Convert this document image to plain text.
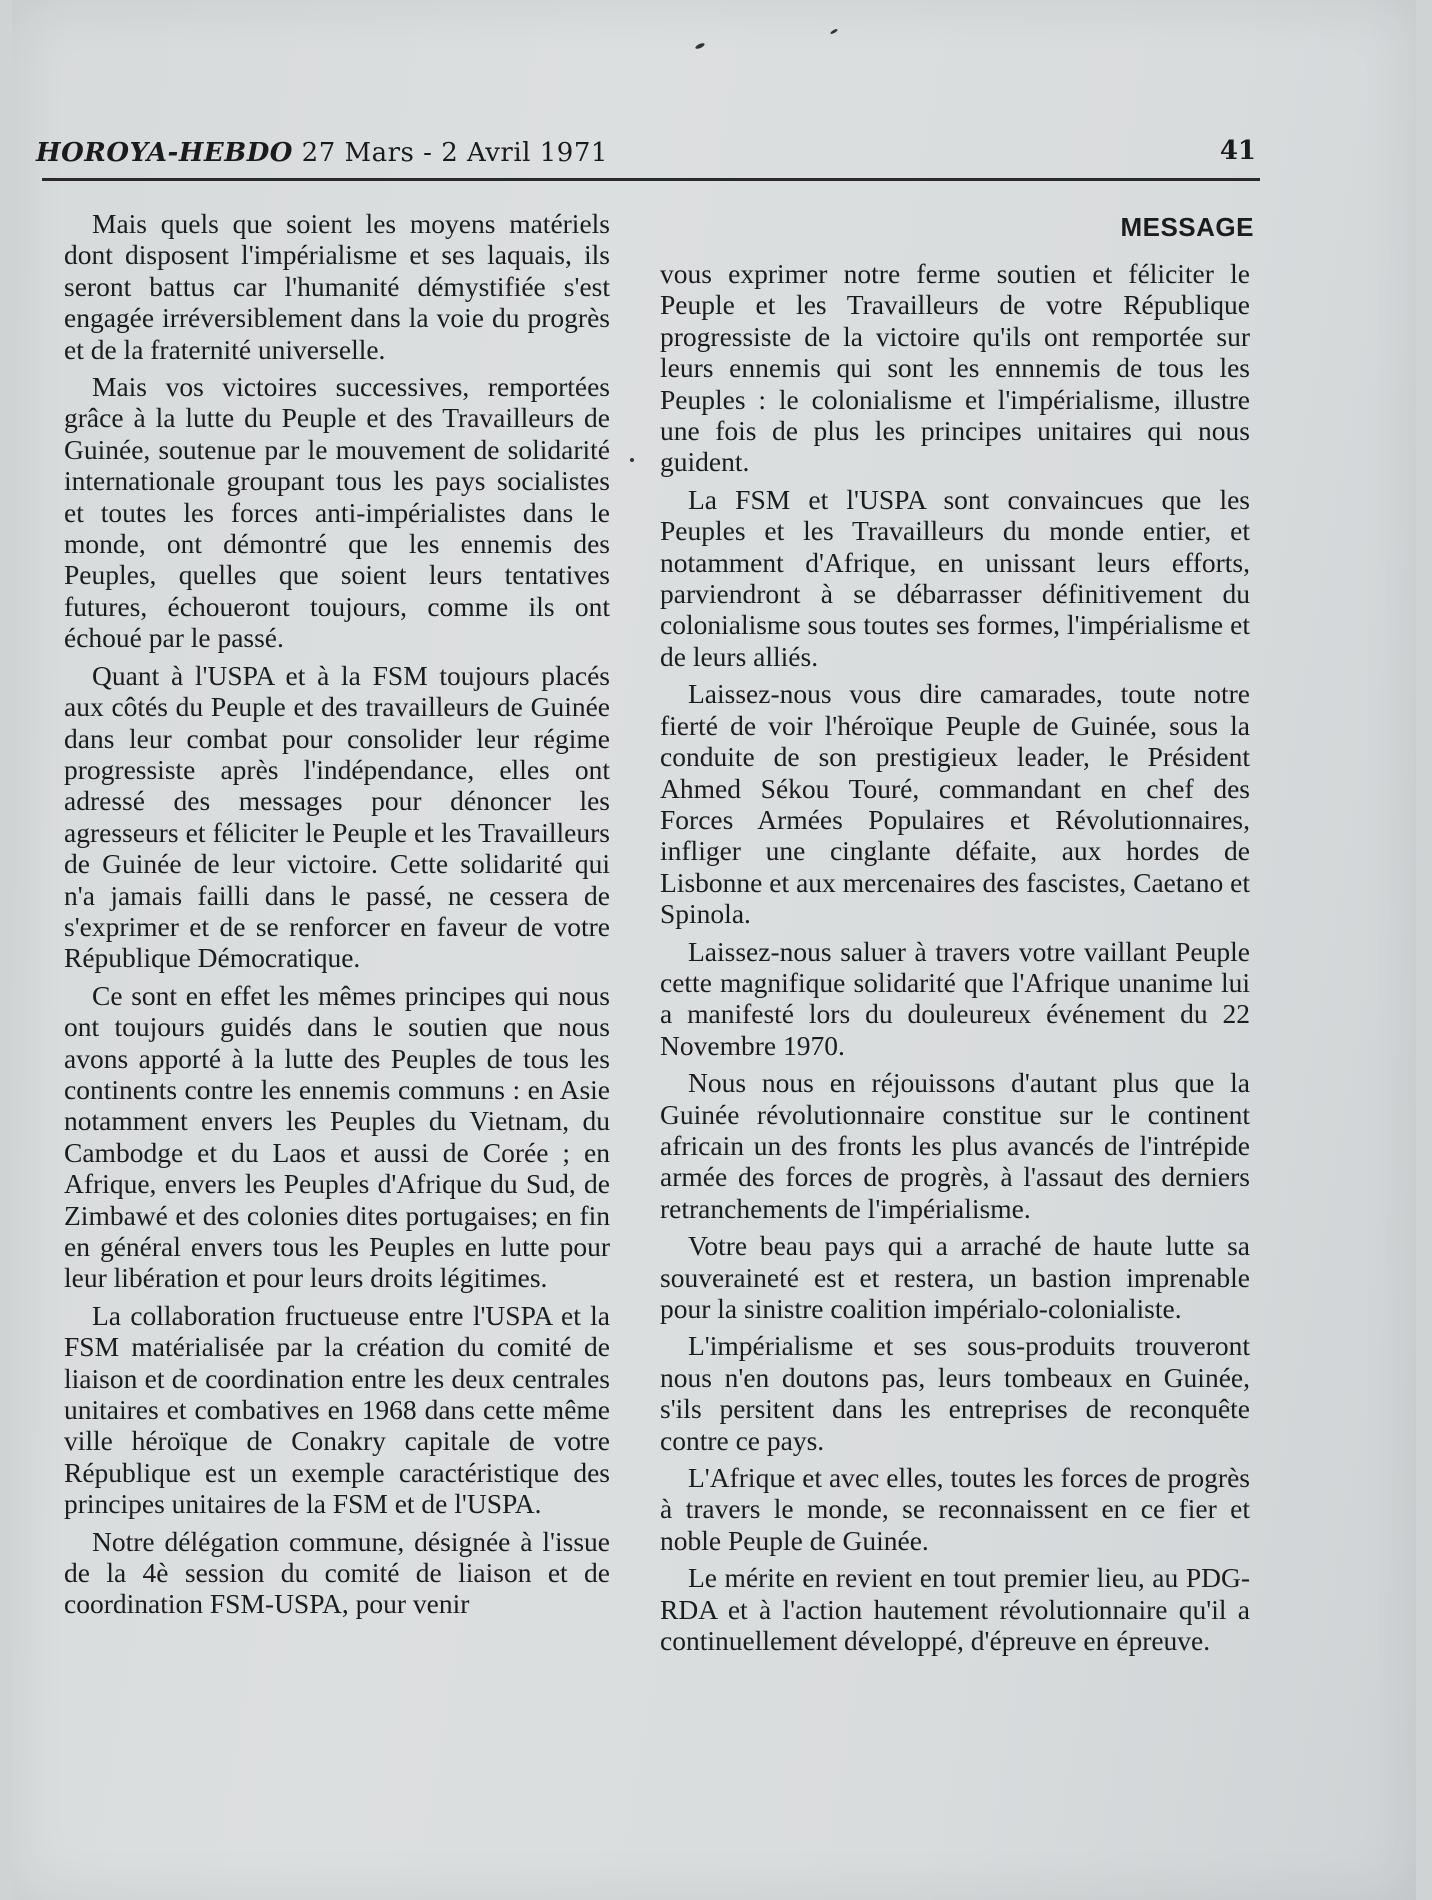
HOROYA-HEBDO 27 Mars - 2 Avril 1971	41
MESSAGE

Mais quels que soient les moyens matériels dont disposent l'impérialisme et ses laquais, ils seront battus car l'humanité démystifiée s'est engagée irréversiblement dans la voie du progrès et de la fraternité universelle.

Mais vos victoires successives, remportées grâce à la lutte du Peuple et des Travailleurs de Guinée, soutenue par le mouvement de solidarité internationale groupant tous les pays socialistes et toutes les forces anti-impérialistes dans le monde, ont démontré que les ennemis des Peuples, quelles que soient leurs tentatives futures, échoueront toujours, comme ils ont échoué par le passé.

Quant à l'USPA et à la FSM toujours placés aux côtés du Peuple et des travailleurs de Guinée dans leur combat pour consolider leur régime progressiste après l'indépendance, elles ont adressé des messages pour dénoncer les agresseurs et féliciter le Peuple et les Travailleurs de Guinée de leur victoire. Cette solidarité qui n'a jamais failli dans le passé, ne cessera de s'exprimer et de se renforcer en faveur de votre République Démocratique.

Ce sont en effet les mêmes principes qui nous ont toujours guidés dans le soutien que nous avons apporté à la lutte des Peuples de tous les continents contre les ennemis communs : en Asie notamment envers les Peuples du Vietnam, du Cambodge et du Laos et aussi de Corée ; en Afrique, envers les Peuples d'Afrique du Sud, de Zimbawé et des colonies dites portugaises; en fin en général envers tous les Peuples en lutte pour leur libération et pour leurs droits légitimes.

La collaboration fructueuse entre l'USPA et la FSM matérialisée par la création du comité de liaison et de coordination entre les deux centrales unitaires et combatives en 1968 dans cette même ville héroïque de Conakry capitale de votre République est un exemple caractéristique des principes unitaires de la FSM et de l'USPA.

Notre délégation commune, désignée à l'issue de la 4è session du comité de liaison et de coordination FSM-USPA, pour venir

vous exprimer notre ferme soutien et féliciter le Peuple et les Travailleurs de votre République progressiste de la victoire qu'ils ont remportée sur leurs ennemis qui sont les ennnemis de tous les Peuples : le colonialisme et l'impérialisme, illustre une fois de plus les principes unitaires qui nous guident.

La FSM et l'USPA sont convaincues que les Peuples et les Travailleurs du monde entier, et notamment d'Afrique, en unissant leurs efforts, parviendront à se débarrasser définitivement du colonialisme sous toutes ses formes, l'impérialisme et de leurs alliés.

Laissez-nous vous dire camarades, toute notre fierté de voir l'héroïque Peuple de Guinée, sous la conduite de son prestigieux leader, le Président Ahmed Sékou Touré, commandant en chef des Forces Armées Populaires et Révolutionnaires, infliger une cinglante défaite, aux hordes de Lisbonne et aux mercenaires des fascistes, Caetano et Spinola.

Laissez-nous saluer à travers votre vaillant Peuple cette magnifique solidarité que l'Afrique unanime lui a manifesté lors du douleureux événement du 22 Novembre 1970.

Nous nous en réjouissons d'autant plus que la Guinée révolutionnaire constitue sur le continent africain un des fronts les plus avancés de l'intrépide armée des forces de progrès, à l'assaut des derniers retranchements de l'impérialisme.

Votre beau pays qui a arraché de haute lutte sa souveraineté est et restera, un bastion imprenable pour la sinistre coalition impérialo-colonialiste.

L'impérialisme et ses sous-produits trouveront nous n'en doutons pas, leurs tombeaux en Guinée, s'ils persitent dans les entreprises de reconquête contre ce pays.

L'Afrique et avec elles, toutes les forces de progrès à travers le monde, se reconnaissent en ce fier et noble Peuple de Guinée.

Le mérite en revient en tout premier lieu, au PDG-RDA et à l'action hautement révolutionnaire qu'il a continuellement développé, d'épreuve en épreuve.
